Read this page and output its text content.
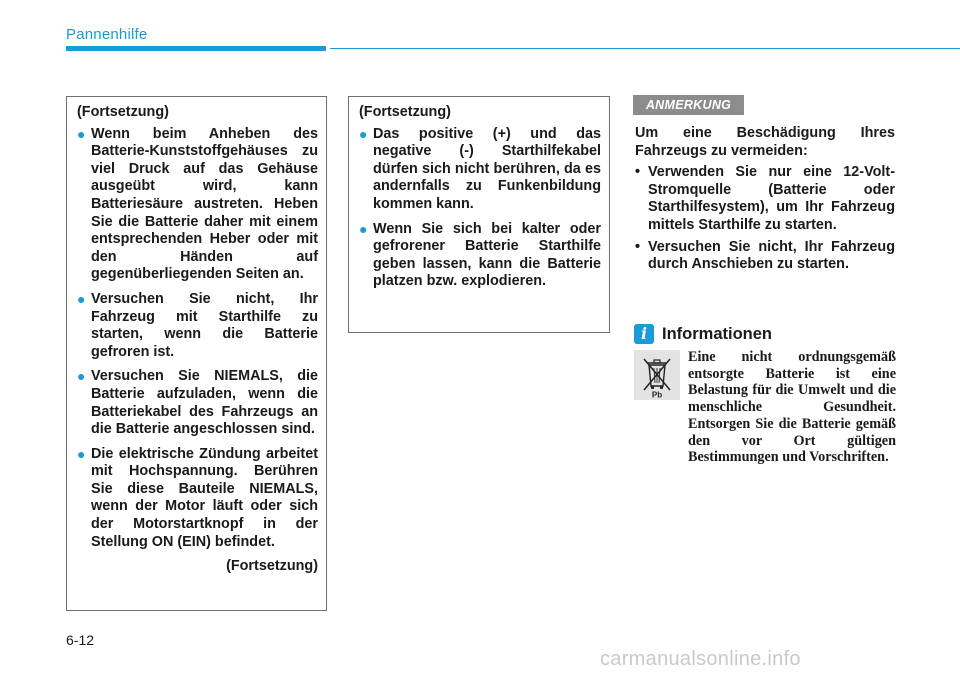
Pannenhilfe
(Fortsetzung)
● Wenn beim Anheben des Batterie-Kunststoffgehäuses zu viel Druck auf das Gehäuse ausgeübt wird, kann Batteriesäure austreten. Heben Sie die Batterie daher mit einem entsprechenden Heber oder mit den Händen auf gegenüberliegenden Seiten an.
● Versuchen Sie nicht, Ihr Fahrzeug mit Starthilfe zu starten, wenn die Batterie gefroren ist.
● Versuchen Sie NIEMALS, die Batterie aufzuladen, wenn die Batteriekabel des Fahrzeugs an die Batterie angeschlossen sind.
● Die elektrische Zündung arbeitet mit Hochspannung. Berühren Sie diese Bauteile NIEMALS, wenn der Motor läuft oder sich der Motorstartknopf in der Stellung ON (EIN) befindet.
(Fortsetzung)
(Fortsetzung)
● Das positive (+) und das negative (-) Starthilfekabel dürfen sich nicht berühren, da es andernfalls zu Funkenbildung kommen kann.
● Wenn Sie sich bei kalter oder gefrorener Batterie Starthilfe geben lassen, kann die Batterie platzen bzw. explodieren.
ANMERKUNG

Um eine Beschädigung Ihres Fahrzeugs zu vermeiden:

• Verwenden Sie nur eine 12-Volt-Stromquelle (Batterie oder Starthilfesystem), um Ihr Fahrzeug mittels Starthilfe zu starten.
• Versuchen Sie nicht, Ihr Fahrzeug durch Anschieben zu starten.
i Informationen
Pb
Eine nicht ordnungsgemäß entsorgte Batterie ist eine Belastung für die Umwelt und die menschliche Gesundheit. Entsorgen Sie die Batterie gemäß den vor Ort gültigen Bestimmungen und Vorschriften.
6-12
carmanualsonline.info
